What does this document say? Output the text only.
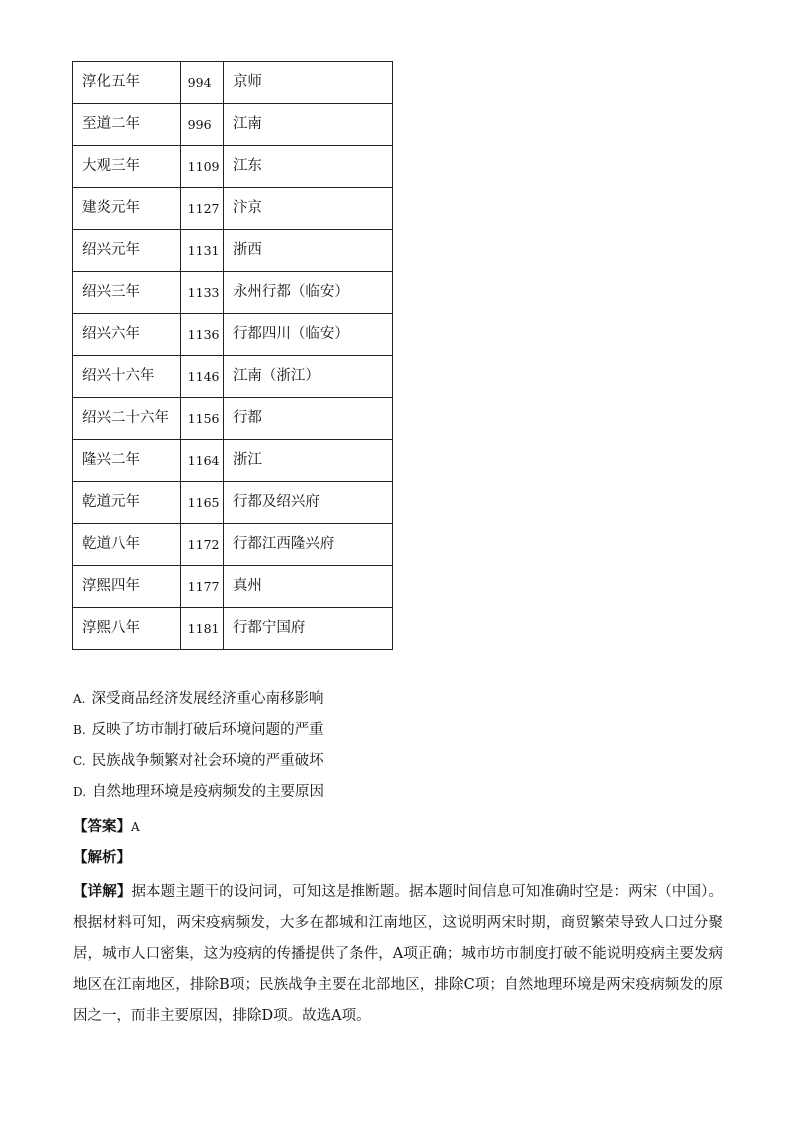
淳化五年	994	京师
至道二年	996	江南
大观三年	1109	江东
建炎元年	1127	汴京
绍兴元年	1131	浙西
绍兴三年	1133	永州行都（临安）
绍兴六年	1136	行都四川（临安）
绍兴十六年	1146	江南（浙江）
绍兴二十六年	1156	行都
隆兴二年	1164	浙江
乾道元年	1165	行都及绍兴府
乾道八年	1172	行都江西隆兴府
淳熙四年	1177	真州
淳熙八年	1181	行都宁国府
A. 深受商品经济发展经济重心南移影响
B. 反映了坊市制打破后环境问题的严重
C. 民族战争频繁对社会环境的严重破坏
D. 自然地理环境是疫病频发的主要原因
【答案】A
【解析】
【详解】据本题主题干的设问词，可知这是推断题。据本题时间信息可知准确时空是：两宋（中国）。根据材料可知，两宋疫病频发，大多在都城和江南地区，这说明两宋时期，商贸繁荣导致人口过分聚居，城市人口密集，这为疫病的传播提供了条件，A项正确；城市坊市制度打破不能说明疫病主要发病地区在江南地区，排除B项；民族战争主要在北部地区，排除C项；自然地理环境是两宋疫病频发的原因之一，而非主要原因，排除D项。故选A项。
